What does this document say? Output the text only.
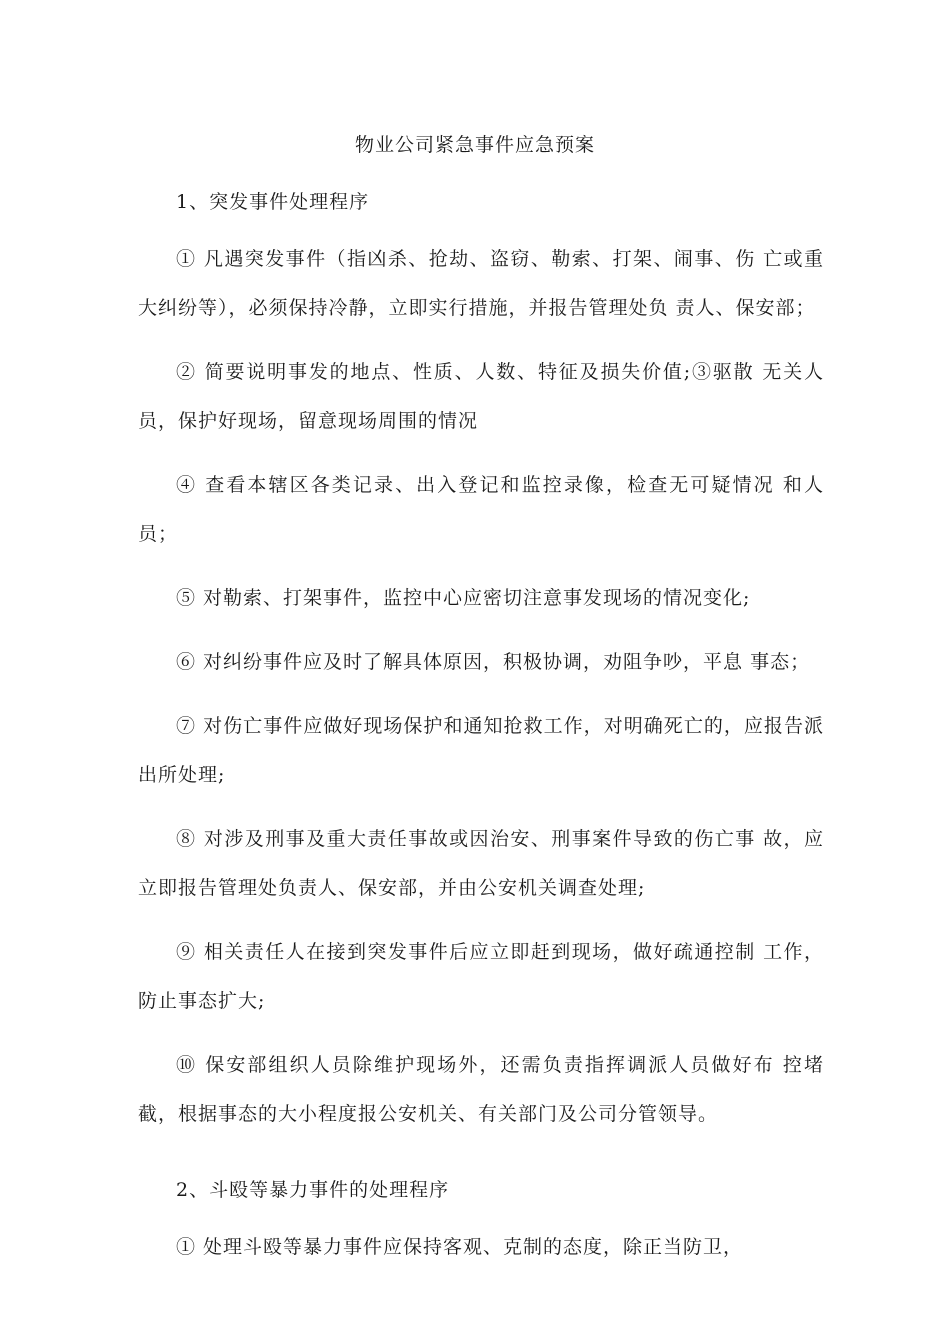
物业公司紧急事件应急预案

1、突发事件处理程序

① 凡遇突发事件（指凶杀、抢劫、盗窃、勒索、打架、闹事、伤 亡或重大纠纷等），必须保持冷静，立即实行措施，并报告管理处负 责人、保安部；

② 简要说明事发的地点、性质、人数、特征及损失价值;③驱散 无关人员，保护好现场，留意现场周围的情况

④ 查看本辖区各类记录、出入登记和监控录像，检查无可疑情况 和人员；

⑤ 对勒索、打架事件，监控中心应密切注意事发现场的情况变化;

⑥ 对纠纷事件应及时了解具体原因，积极协调，劝阻争吵，平息 事态；

⑦ 对伤亡事件应做好现场保护和通知抢救工作，对明确死亡的，应报告派出所处理;

⑧ 对涉及刑事及重大责任事故或因治安、刑事案件导致的伤亡事 故，应立即报告管理处负责人、保安部，并由公安机关调查处理;

⑨ 相关责任人在接到突发事件后应立即赶到现场，做好疏通控制 工作，防止事态扩大;

⑩ 保安部组织人员除维护现场外，还需负责指挥调派人员做好布 控堵截，根据事态的大小程度报公安机关、有关部门及公司分管领导。

2、斗殴等暴力事件的处理程序

① 处理斗殴等暴力事件应保持客观、克制的态度，除正当防卫，
